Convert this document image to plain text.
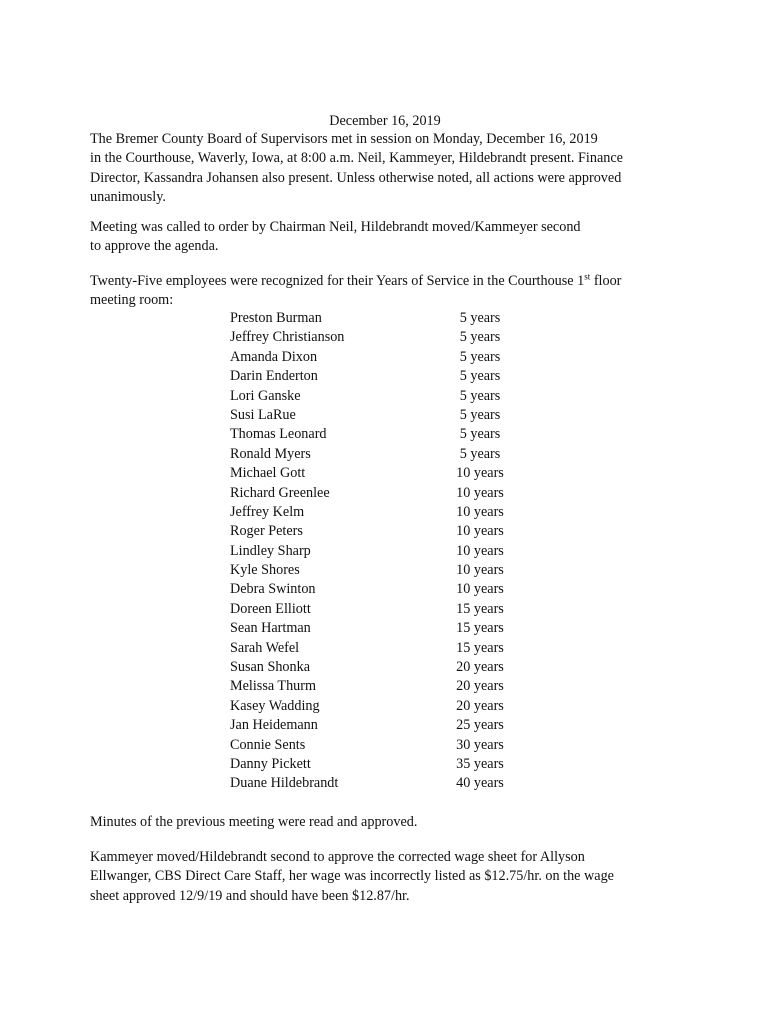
December 16, 2019

The Bremer County Board of Supervisors met in session on Monday, December 16, 2019
in the Courthouse, Waverly, Iowa, at 8:00 a.m. Neil, Kammeyer, Hildebrandt present. Finance
Director, Kassandra Johansen also present. Unless otherwise noted, all actions were approved
unanimously.

Meeting was called to order by Chairman Neil, Hildebrandt moved/Kammeyer second
to approve the agenda.

Twenty-Five employees were recognized for their Years of Service in the Courthouse 1st floor
meeting room:

Preston Burman	5 years
Jeffrey Christianson	5 years
Amanda Dixon	5 years
Darin Enderton	5 years
Lori Ganske	5 years
Susi LaRue	5 years
Thomas Leonard	5 years
Ronald Myers	5 years
Michael Gott	10 years
Richard Greenlee	10 years
Jeffrey Kelm	10 years
Roger Peters	10 years
Lindley Sharp	10 years
Kyle Shores	10 years
Debra Swinton	10 years
Doreen Elliott	15 years
Sean Hartman	15 years
Sarah Wefel	15 years
Susan Shonka	20 years
Melissa Thurm	20 years
Kasey Wadding	20 years
Jan Heidemann	25 years
Connie Sents	30 years
Danny Pickett	35 years
Duane Hildebrandt	40 years

Minutes of the previous meeting were read and approved.

Kammeyer moved/Hildebrandt second to approve the corrected wage sheet for Allyson
Ellwanger, CBS Direct Care Staff, her wage was incorrectly listed as $12.75/hr. on the wage
sheet approved 12/9/19 and should have been $12.87/hr.
